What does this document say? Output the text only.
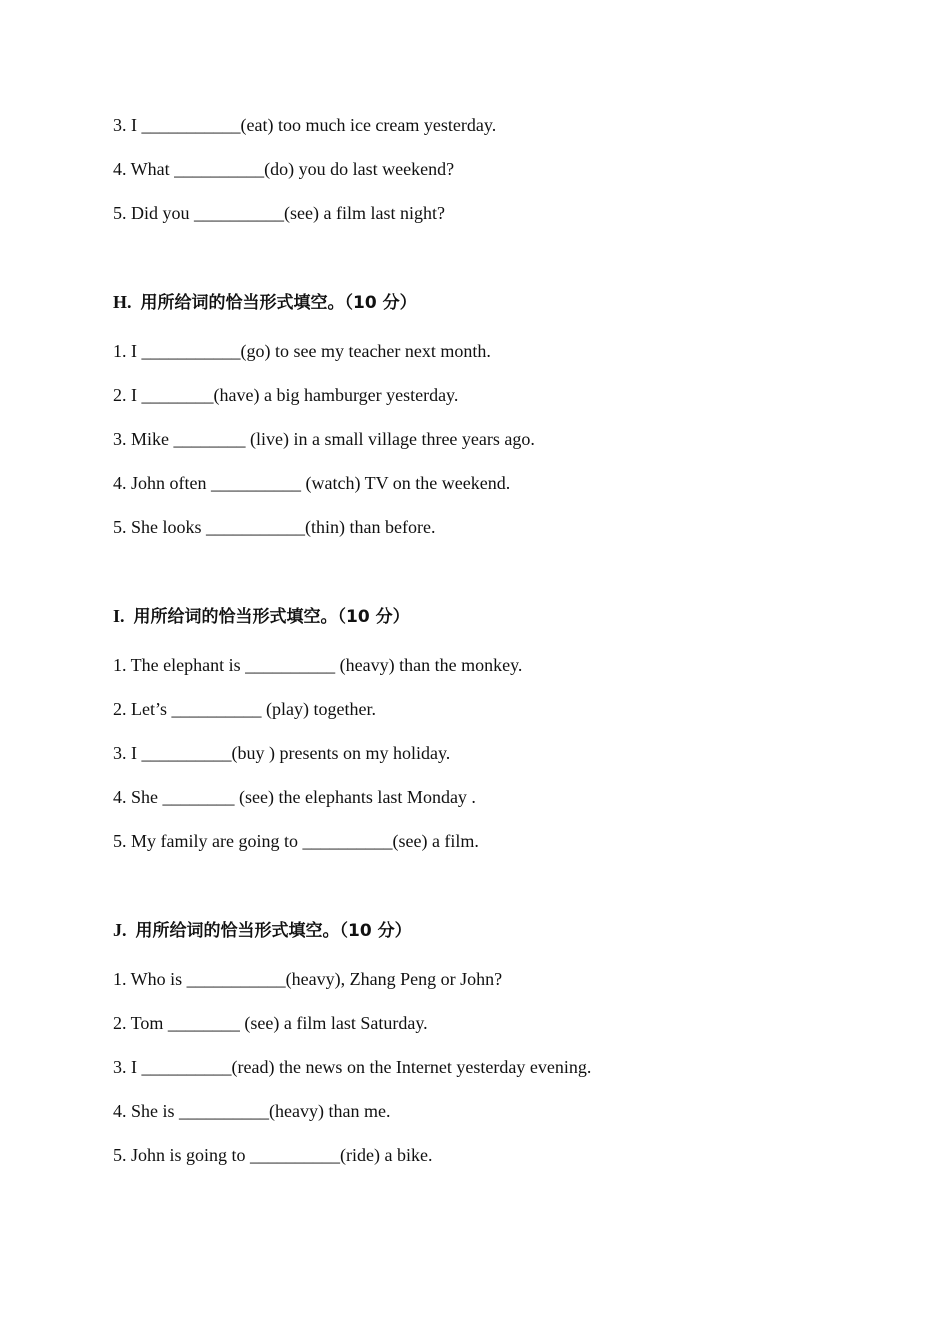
3. I ___________(eat) too much ice cream yesterday.
4. What __________(do) you do last weekend?
5. Did you __________(see) a film last night?
H. 用所给词的恰当形式填空。（10 分）
1. I ___________(go) to see my teacher next month.
2. I ________(have) a big hamburger yesterday.
3. Mike ________ (live) in a small village three years ago.
4. John often __________ (watch) TV on the weekend.
5. She looks ___________(thin) than before.
I. 用所给词的恰当形式填空。（10 分）
1. The elephant is __________ (heavy) than the monkey.
2. Let’s __________ (play) together.
3. I __________(buy ) presents on my holiday.
4. She ________ (see) the elephants last Monday .
5. My family are going to __________(see) a film.
J. 用所给词的恰当形式填空。（10 分）
1. Who is ___________(heavy), Zhang Peng or John?
2. Tom ________ (see) a film last Saturday.
3. I __________(read) the news on the Internet yesterday evening.
4. She is __________(heavy) than me.
5. John is going to __________(ride) a bike.
